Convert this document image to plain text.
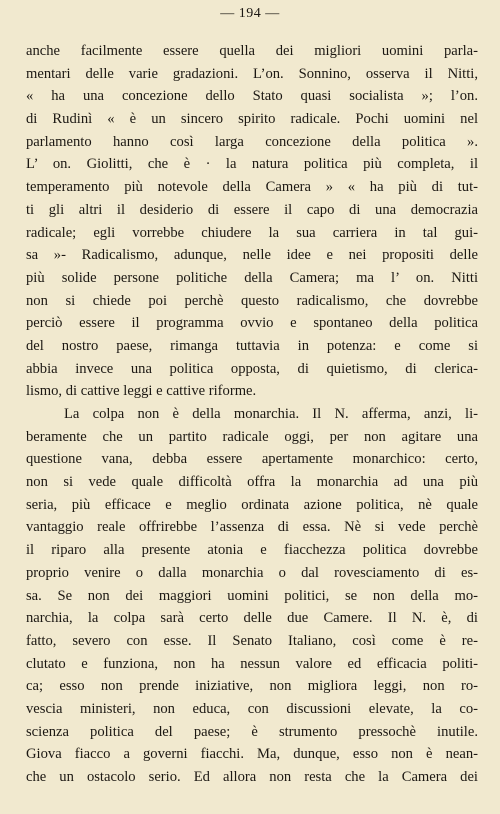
— 194 —
anche facilmente essere quella dei migliori uomini parla-
mentari delle varie gradazioni. L’on. Sonnino, osserva il Nitti,
« ha una concezione dello Stato quasi socialista »; l’on.
di Rudinì « è un sincero spirito radicale. Pochi uomini nel
parlamento hanno così larga concezione della politica ».
L’ on. Giolitti, che è · la natura politica più completa, il
temperamento più notevole della Camera » « ha più di tut-
ti gli altri il desiderio di essere il capo di una democrazia
radicale; egli vorrebbe chiudere la sua carriera in tal gui-
sa »- Radicalismo, adunque, nelle idee e nei propositi delle
più solide persone politiche della Camera; ma l’ on. Nitti
non si chiede poi perchè questo radicalismo, che dovrebbe
perciò essere il programma ovvio e spontaneo della politica
del nostro paese, rimanga tuttavia in potenza: e come si
abbia invece una politica opposta, di quietismo, di clerica-
lismo, di cattive leggi e cattive riforme.
La colpa non è della monarchia. Il N. afferma, anzi, li-
beramente che un partito radicale oggi, per non agitare una
questione vana, debba essere apertamente monarchico: certo,
non si vede quale difficoltà offra la monarchia ad una più
seria, più efficace e meglio ordinata azione politica, nè quale
vantaggio reale offrirebbe l’assenza di essa. Nè si vede perchè
il riparo alla presente atonia e fiacchezza politica dovrebbe
proprio venire o dalla monarchia o dal rovesciamento di es-
sa. Se non dei maggiori uomini politici, se non della mo-
narchia, la colpa sarà certo delle due Camere. Il N. è, di
fatto, severo con esse. Il Senato Italiano, così come è re-
clutato e funziona, non ha nessun valore ed efficacia politi-
ca; esso non prende iniziative, non migliora leggi, non ro-
vescia ministeri, non educa, con discussioni elevate, la co-
scienza politica del paese; è strumento pressochè inutile.
Giova fiacco a governi fiacchi. Ma, dunque, esso non è nean-
che un ostacolo serio. Ed allora non resta che la Camera dei
